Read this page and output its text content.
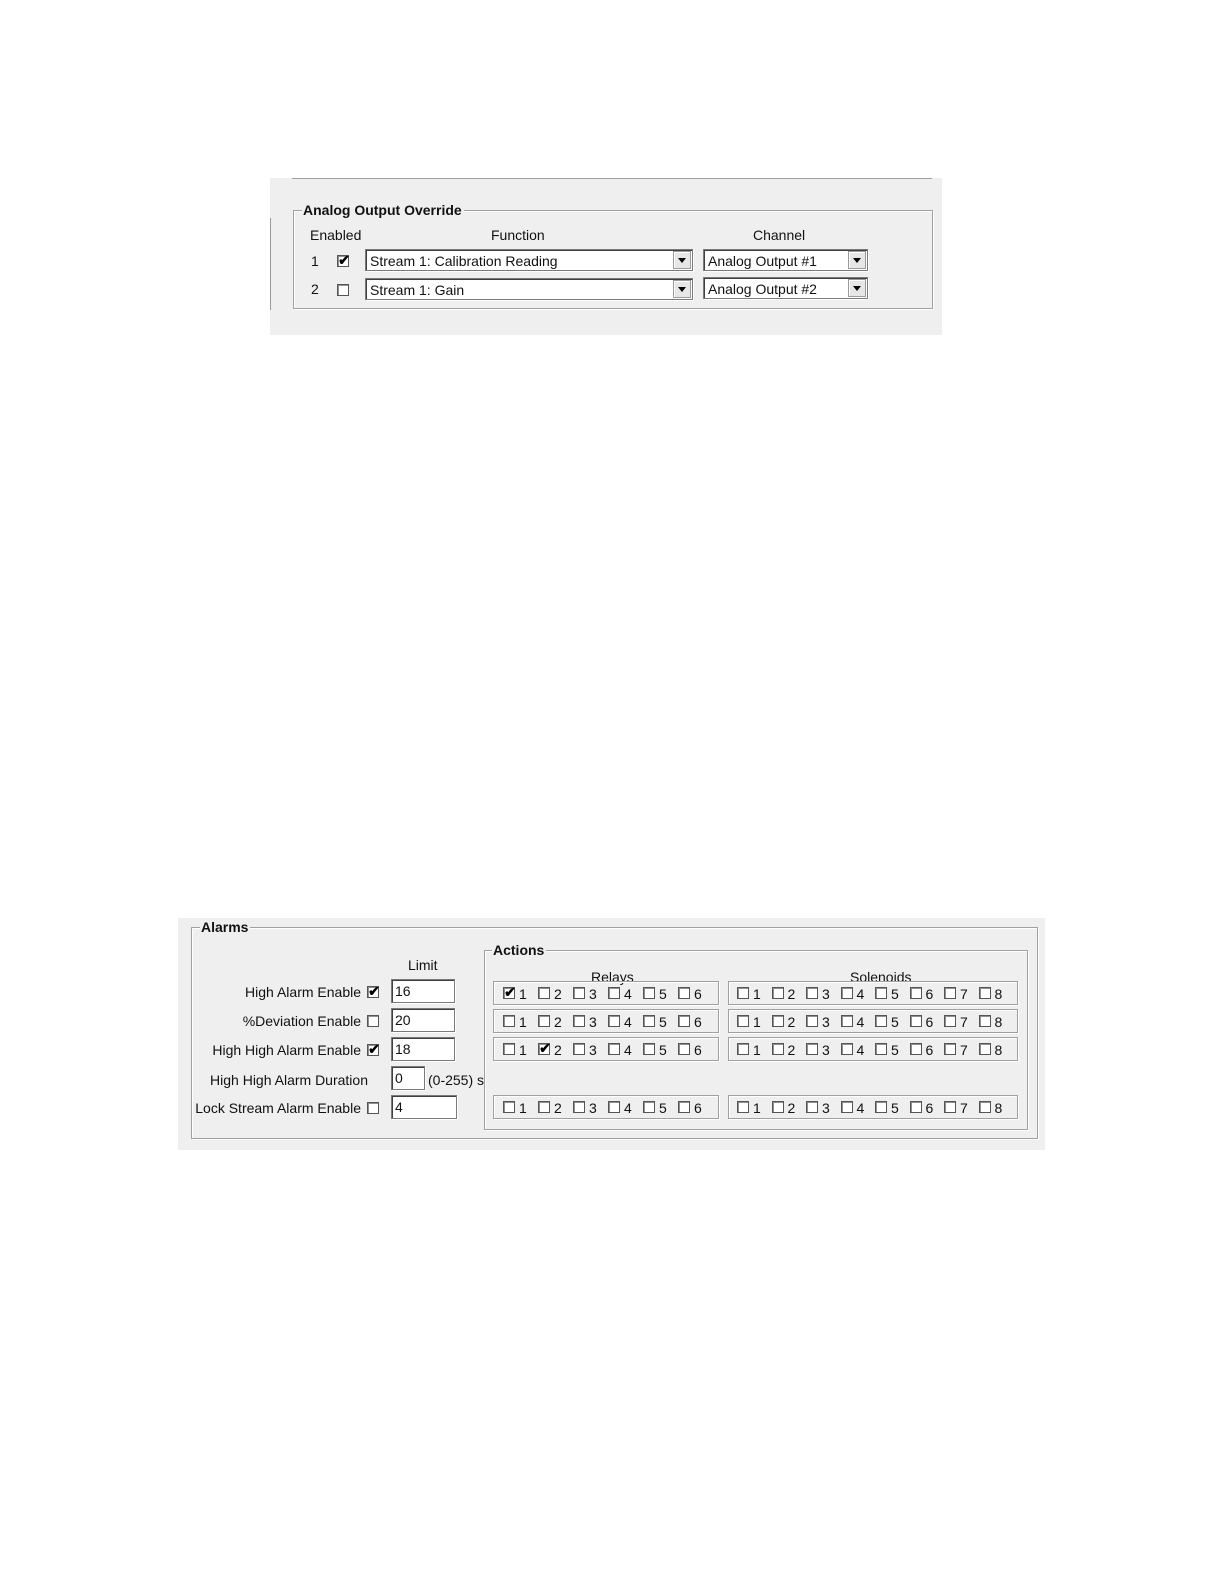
Analog Output Override
Enabled	Function	Channel
1 ✔ Stream 1: Calibration Reading	Analog Output #1
2	Stream 1: Gain	Analog Output #2
Alarms
Limit
High Alarm Enable ✔ 16
%Deviation Enable 20
High High Alarm Enable ✔ 18
High High Alarm Duration 0 (0-255) s
Lock Stream Alarm Enable 4
Actions
Relays	Solenoids
✔ 1 2 3 4 5 6	1 2 3 4 5 6 7 8
1 2 3 4 5 6	1 2 3 4 5 6 7 8
1 ✔ 2 3 4 5 6	1 2 3 4 5 6 7 8
1 2 3 4 5 6	1 2 3 4 5 6 7 8
